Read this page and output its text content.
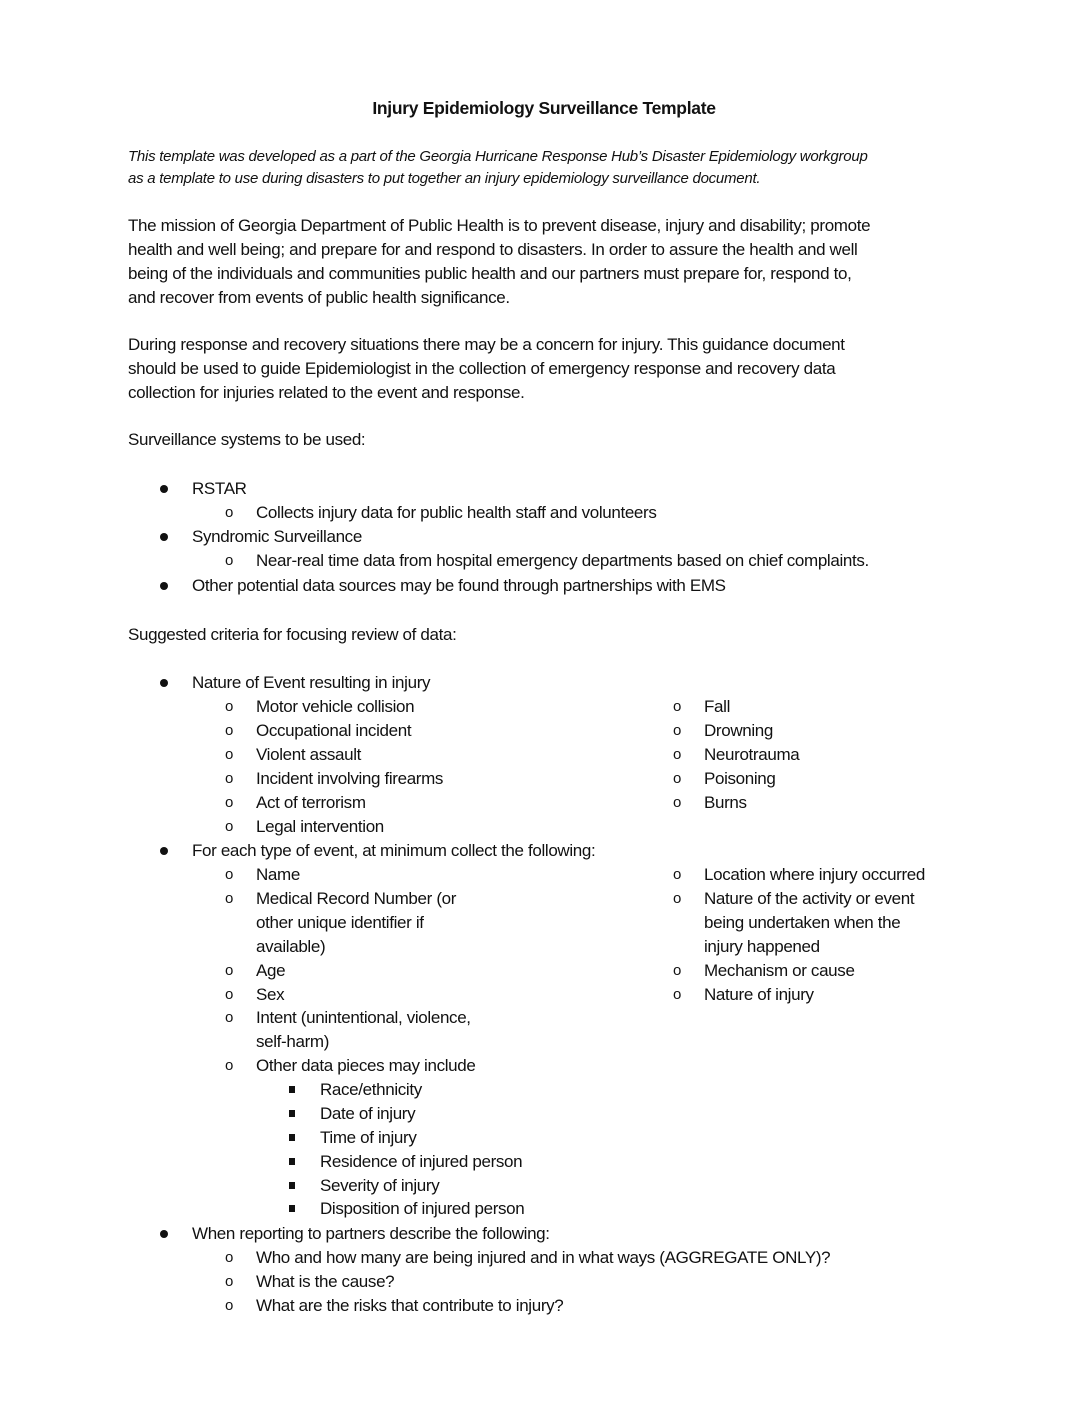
Injury Epidemiology Surveillance Template
This template was developed as a part of the Georgia Hurricane Response Hub’s Disaster Epidemiology workgroup
as a template to use during disasters to put together an injury epidemiology surveillance document.
The mission of Georgia Department of Public Health is to prevent disease, injury and disability; promote
health and well being; and prepare for and respond to disasters. In order to assure the health and well
being of the individuals and communities public health and our partners must prepare for, respond to,
and recover from events of public health significance.
During response and recovery situations there may be a concern for injury. This guidance document
should be used to guide Epidemiologist in the collection of emergency response and recovery data
collection for injuries related to the event and response.
Surveillance systems to be used:
RSTAR
o Collects injury data for public health staff and volunteers
Syndromic Surveillance
o Near-real time data from hospital emergency departments based on chief complaints.
Other potential data sources may be found through partnerships with EMS
Suggested criteria for focusing review of data:
Nature of Event resulting in injury
o Motor vehicle collision
o Occupational incident
o Violent assault
o Incident involving firearms
o Act of terrorism
o Legal intervention
o Fall
o Drowning
o Neurotrauma
o Poisoning
o Burns
For each type of event, at minimum collect the following:
o Name
o Medical Record Number (or
other unique identifier if
available)
o Age
o Sex
o Intent (unintentional, violence,
self-harm)
o Other data pieces may include
Race/ethnicity
Date of injury
Time of injury
Residence of injured person
Severity of injury
Disposition of injured person
o Location where injury occurred
o Nature of the activity or event
being undertaken when the
injury happened
o Mechanism or cause
o Nature of injury
When reporting to partners describe the following:
o Who and how many are being injured and in what ways (AGGREGATE ONLY)?
o What is the cause?
o What are the risks that contribute to injury?
